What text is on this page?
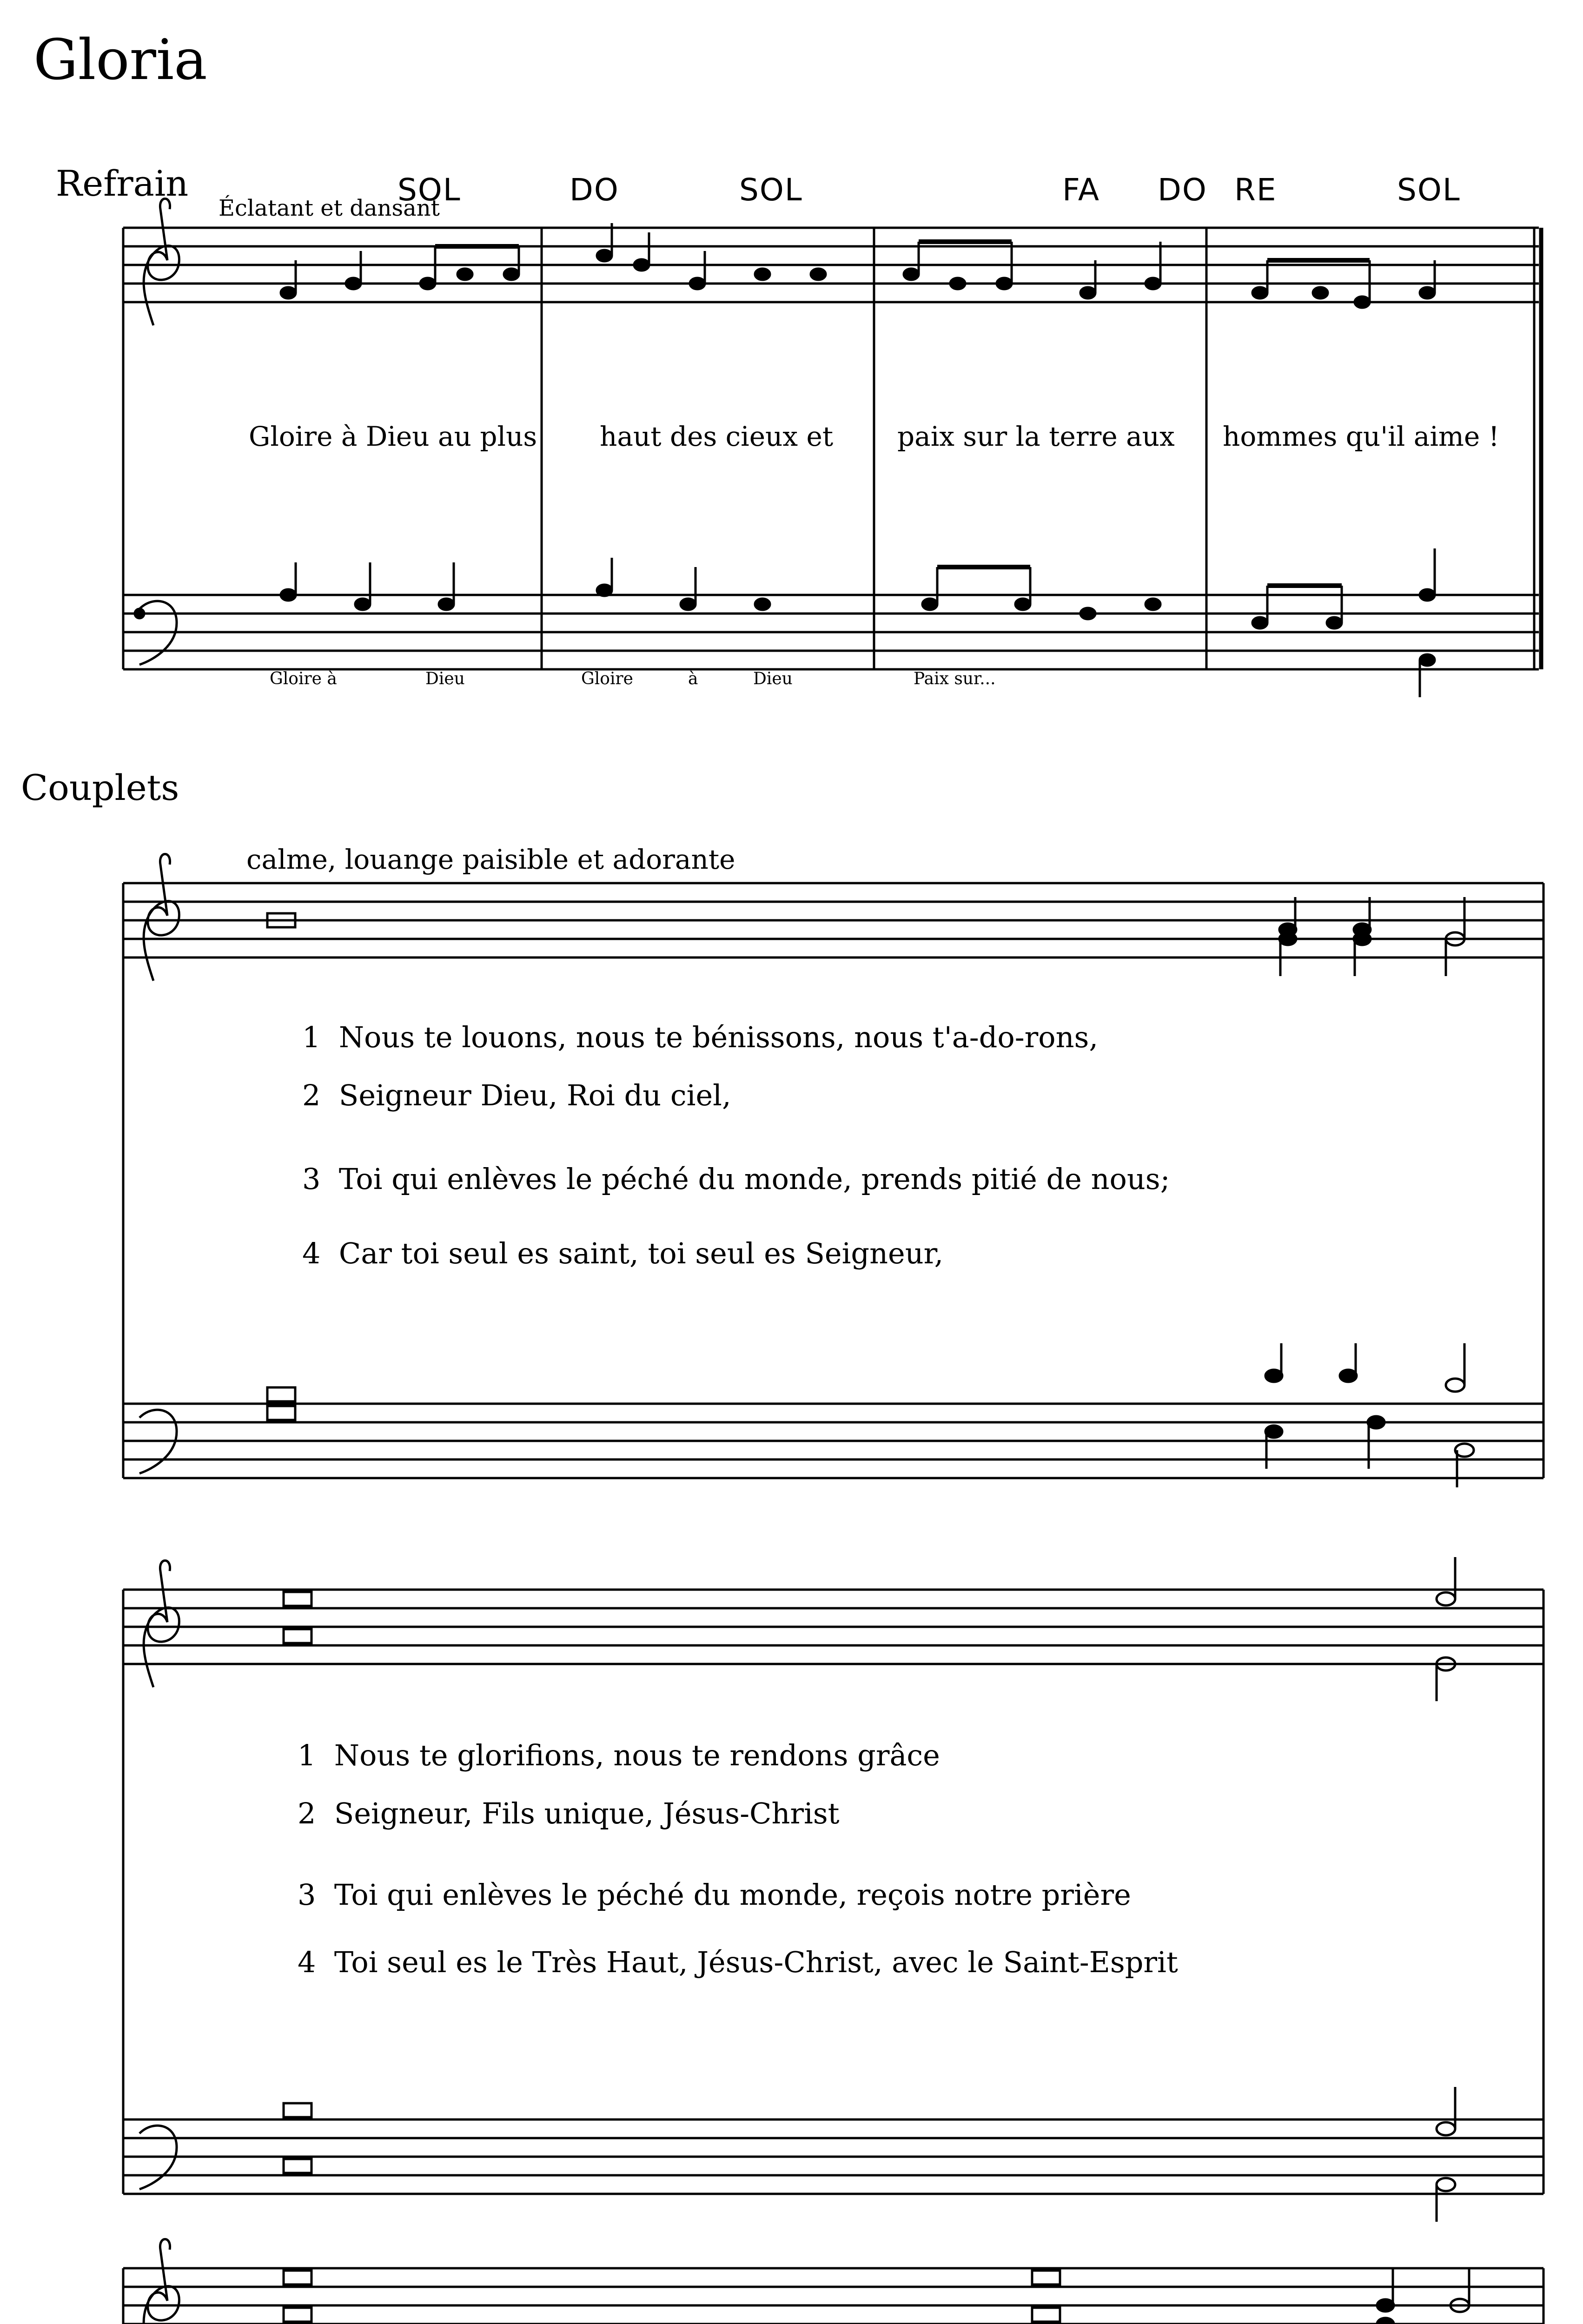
Gloria
Refrain
Éclatant et dansant
SOL	DO	SOL	FA DO RE	SOL
Gloire à Dieu au plus haut des cieux et paix sur la terre aux hommes qu'il aime !
Gloire à	Dieu	Gloire	à	Dieu	Paix sur...
Couplets
calme, louange paisible et adorante
1 Nous te louons, nous te bénissons, nous t'a-do-rons,
2 Seigneur Dieu, Roi du ciel,
3 Toi qui enlèves le péché du monde, prends pitié de nous;
4 Car toi seul es saint, toi seul es Seigneur,
1 Nous te glorifions, nous te rendons grâce
2 Seigneur, Fils unique, Jésus-Christ
3 Toi qui enlèves le péché du monde, reçois notre prière
4 Toi seul es le Très Haut, Jésus-Christ, avec le Saint-Esprit
